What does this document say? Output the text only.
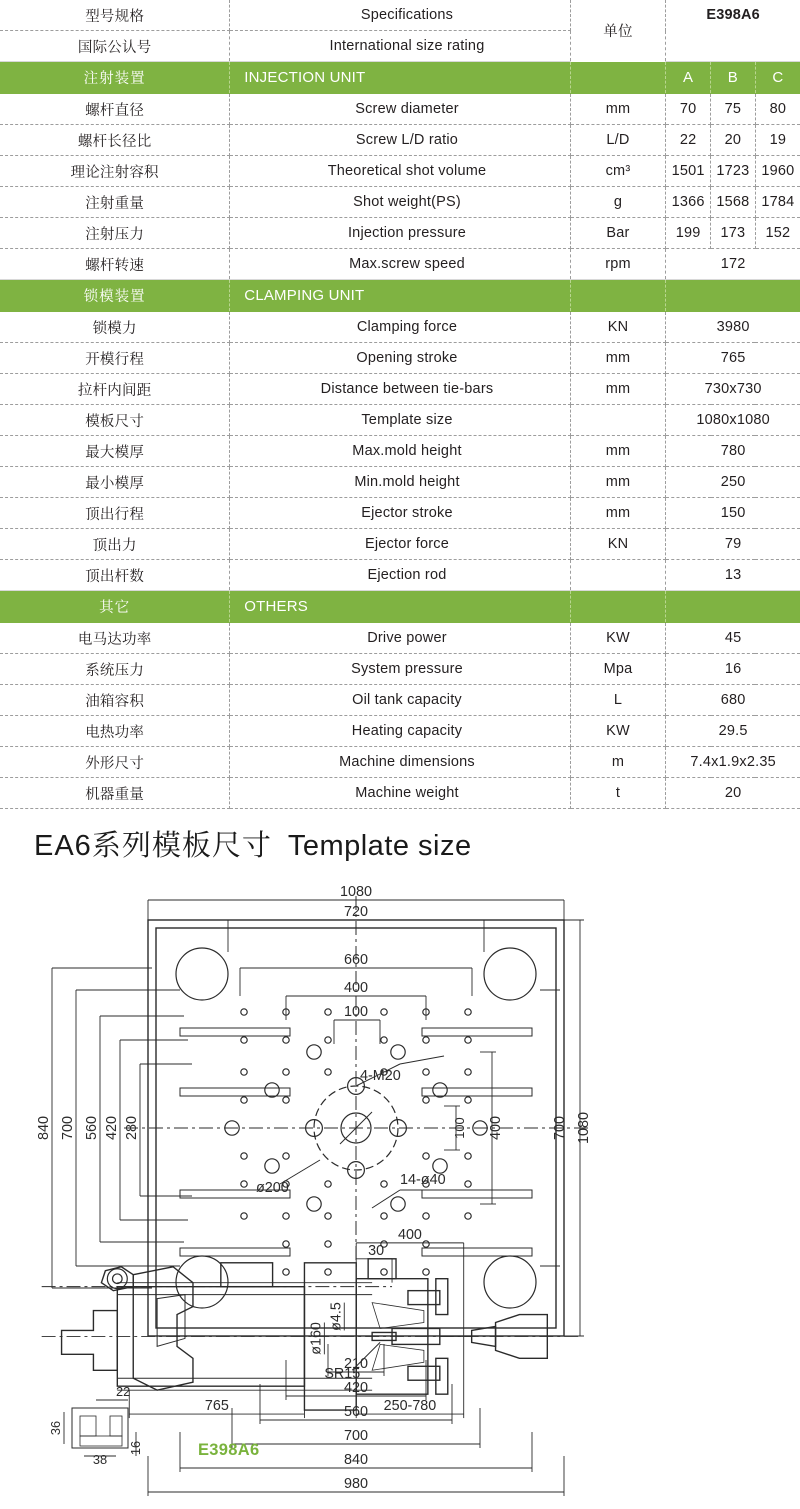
型号规格	Specifications	单位	E398A6		
国际公认号	International size rating				
注射装置	INJECTION UNIT		A	B	C
螺杆直径	Screw diameter	mm	70	75	80
螺杆长径比	Screw L/D ratio	L/D	22	20	19
理论注射容积	Theoretical shot volume	cm³	1501	1723	1960
注射重量	Shot weight(PS)	g	1366	1568	1784
注射压力	Injection pressure	Bar	199	173	152
螺杆转速	Max.screw speed	rpm	172		
锁模装置	CLAMPING UNIT				
锁模力	Clamping force	KN	3980		
开模行程	Opening stroke	mm	765		
拉杆内间距	Distance between tie-bars	mm	730x730		
模板尺寸	Template size		1080x1080		
最大模厚	Max.mold height	mm	780		
最小模厚	Min.mold height	mm	250		
顶出行程	Ejector stroke	mm	150		
顶出力	Ejector force	KN	79		
顶出杆数	Ejection rod		13		
其它	OTHERS				
电马达功率	Drive power	KW	45		
系统压力	System pressure	Mpa	16		
油箱容积	Oil tank capacity	L	680		
电热功率	Heating capacity	KW	29.5		
外形尺寸	Machine dimensions	m	7.4x1.9x2.35		
机器重量	Machine weight	t	20		
EA6系列模板尺寸 Template size
1080
720
660
400
100
840 700 560 420 280	1080
700
400
100
210
420
560
700
840
980
4-M20
ø200	14-ø40
22
36
38
16
400
30
ø4.5
ø160
SR15
765	250-780
E398A6
